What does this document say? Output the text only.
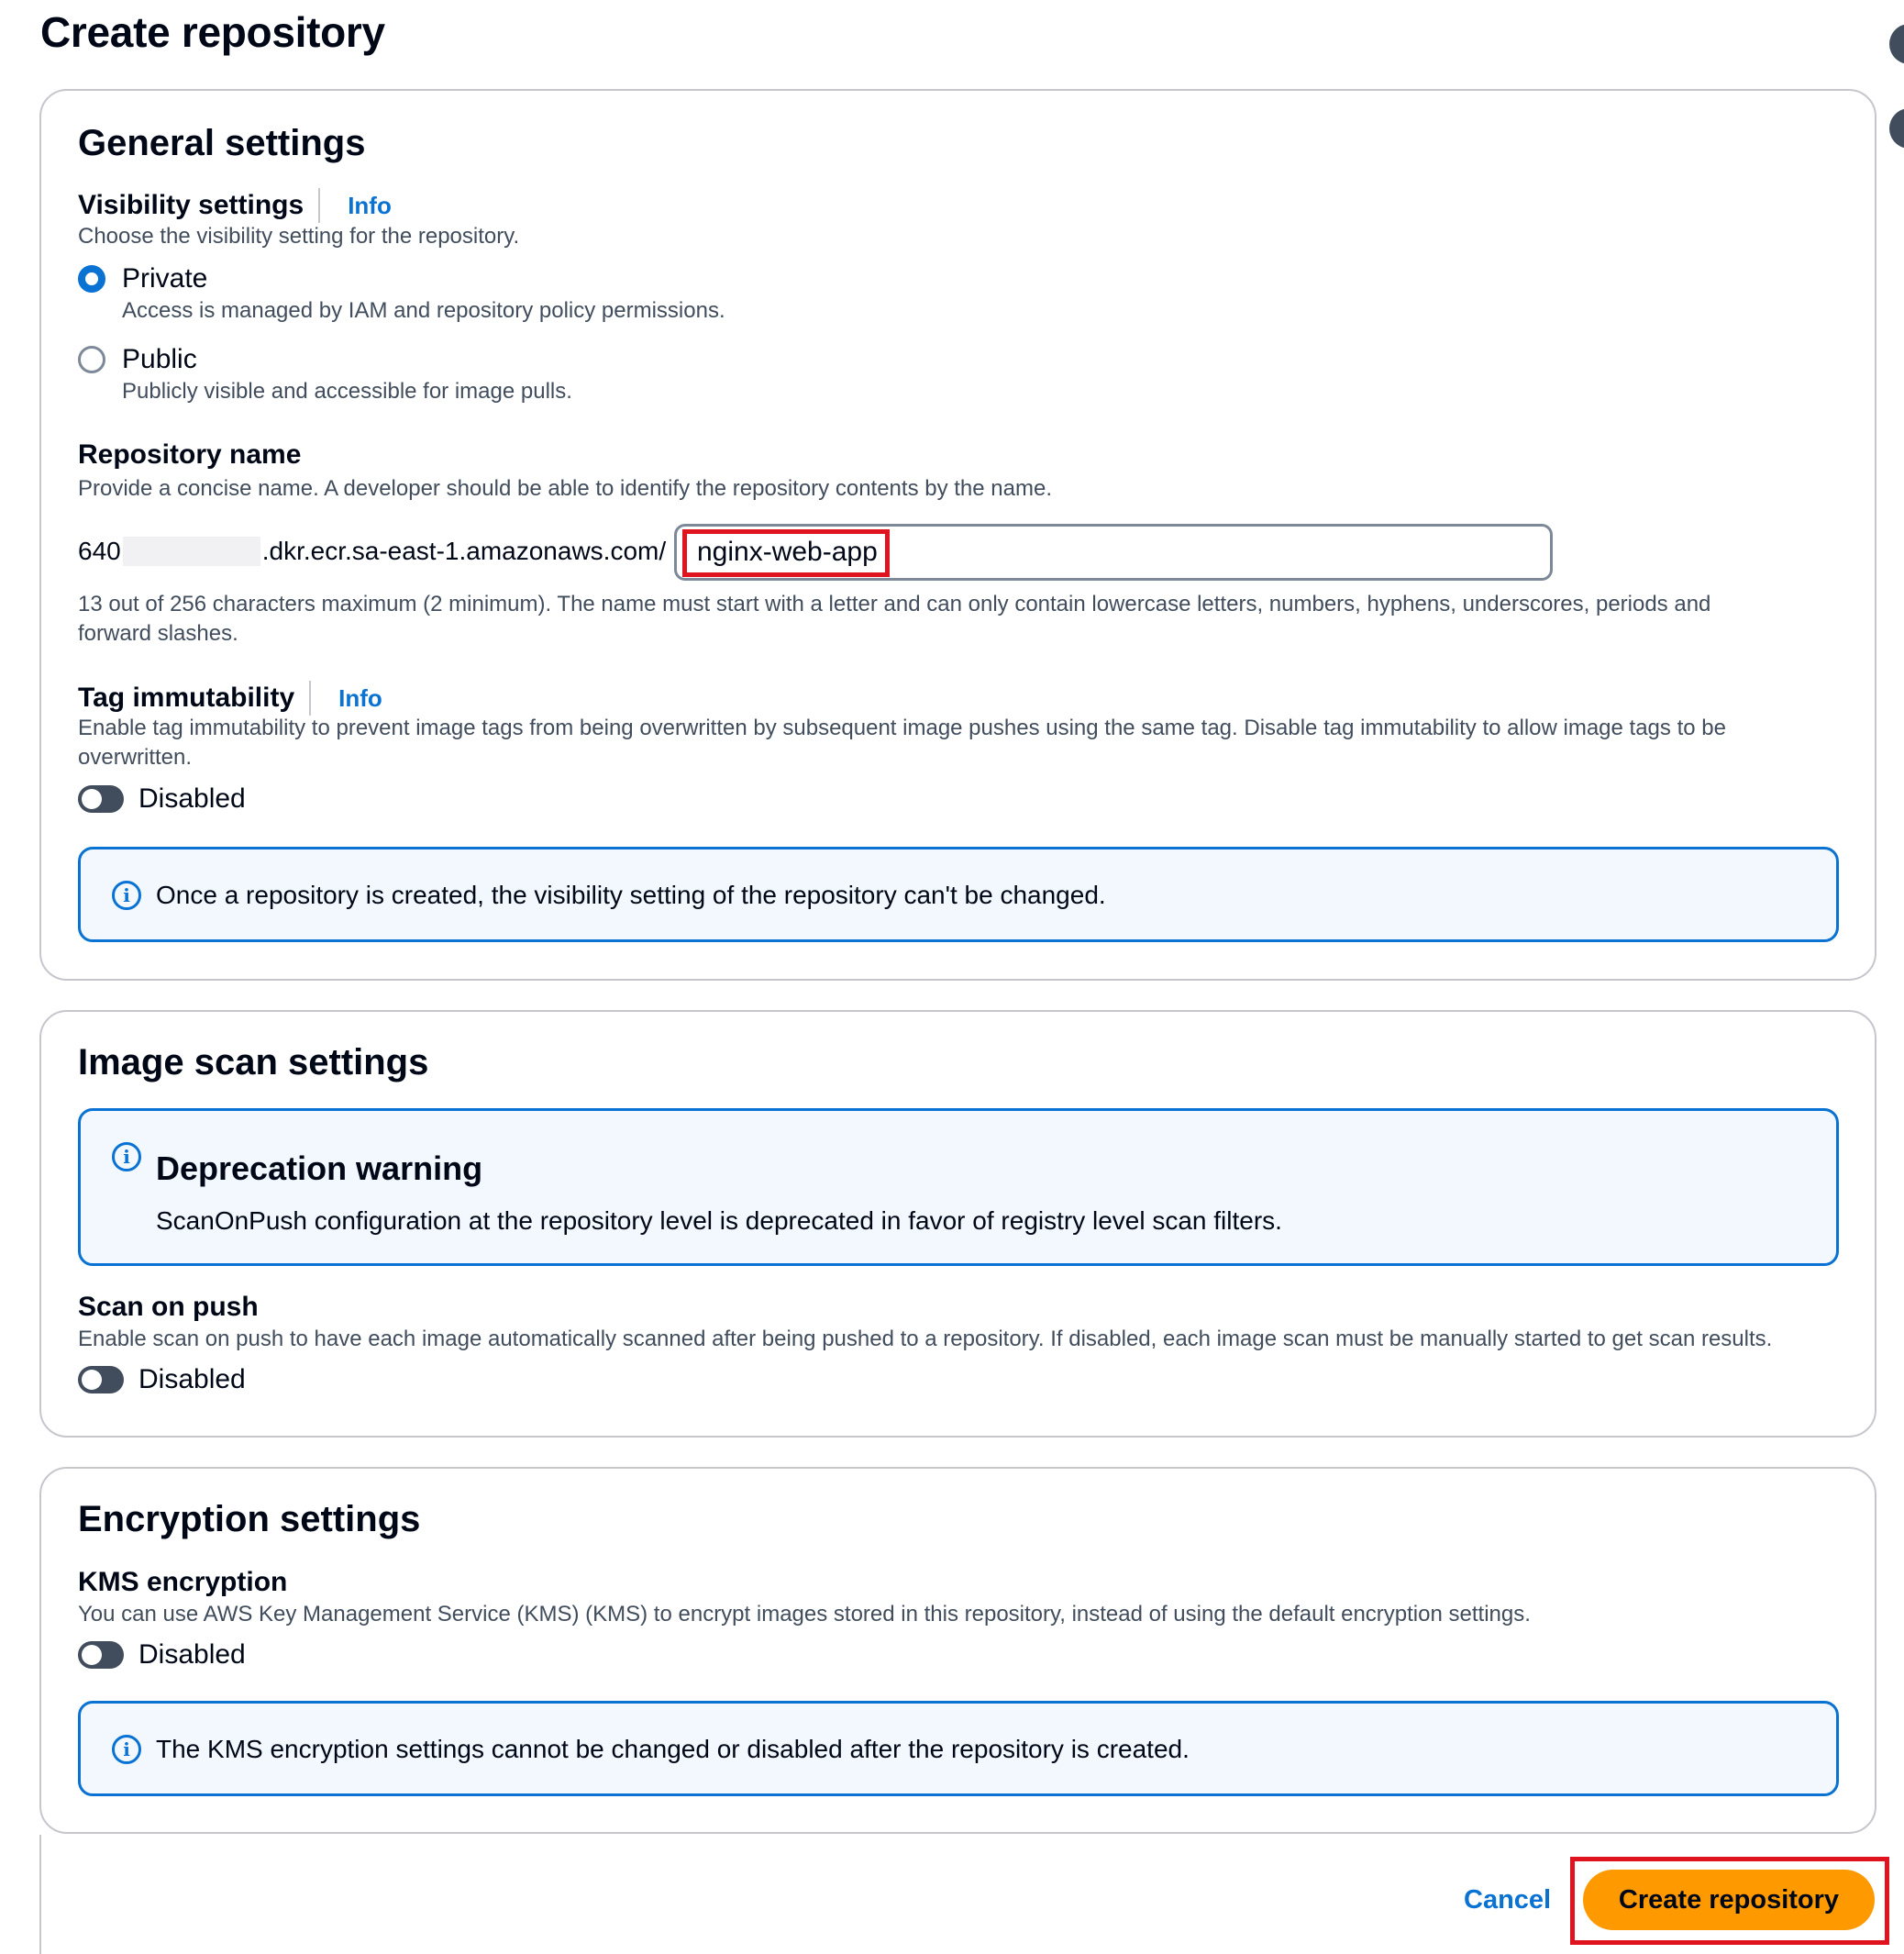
Create repository
General settings
Visibility settings Info
Choose the visibility setting for the repository.
Private
Access is managed by IAM and repository policy permissions.
Public
Publicly visible and accessible for image pulls.
Repository name
Provide a concise name. A developer should be able to identify the repository contents by the name.
640	.dkr.ecr.sa-east-1.amazonaws.com/
nginx-web-app
13 out of 256 characters maximum (2 minimum). The name must start with a letter and can only contain lowercase letters, numbers, hyphens, underscores, periods and
forward slashes.
Tag immutability Info
Enable tag immutability to prevent image tags from being overwritten by subsequent image pushes using the same tag. Disable tag immutability to allow image tags to be
overwritten.
Disabled
i	Once a repository is created, the visibility setting of the repository can't be changed.
Image scan settings
i Deprecation warning
ScanOnPush configuration at the repository level is deprecated in favor of registry level scan filters.
Scan on push
Enable scan on push to have each image automatically scanned after being pushed to a repository. If disabled, each image scan must be manually started to get scan results.
Disabled
Encryption settings
KMS encryption
You can use AWS Key Management Service (KMS) (KMS) to encrypt images stored in this repository, instead of using the default encryption settings.
Disabled
i	The KMS encryption settings cannot be changed or disabled after the repository is created.
Cancel	Create repository
